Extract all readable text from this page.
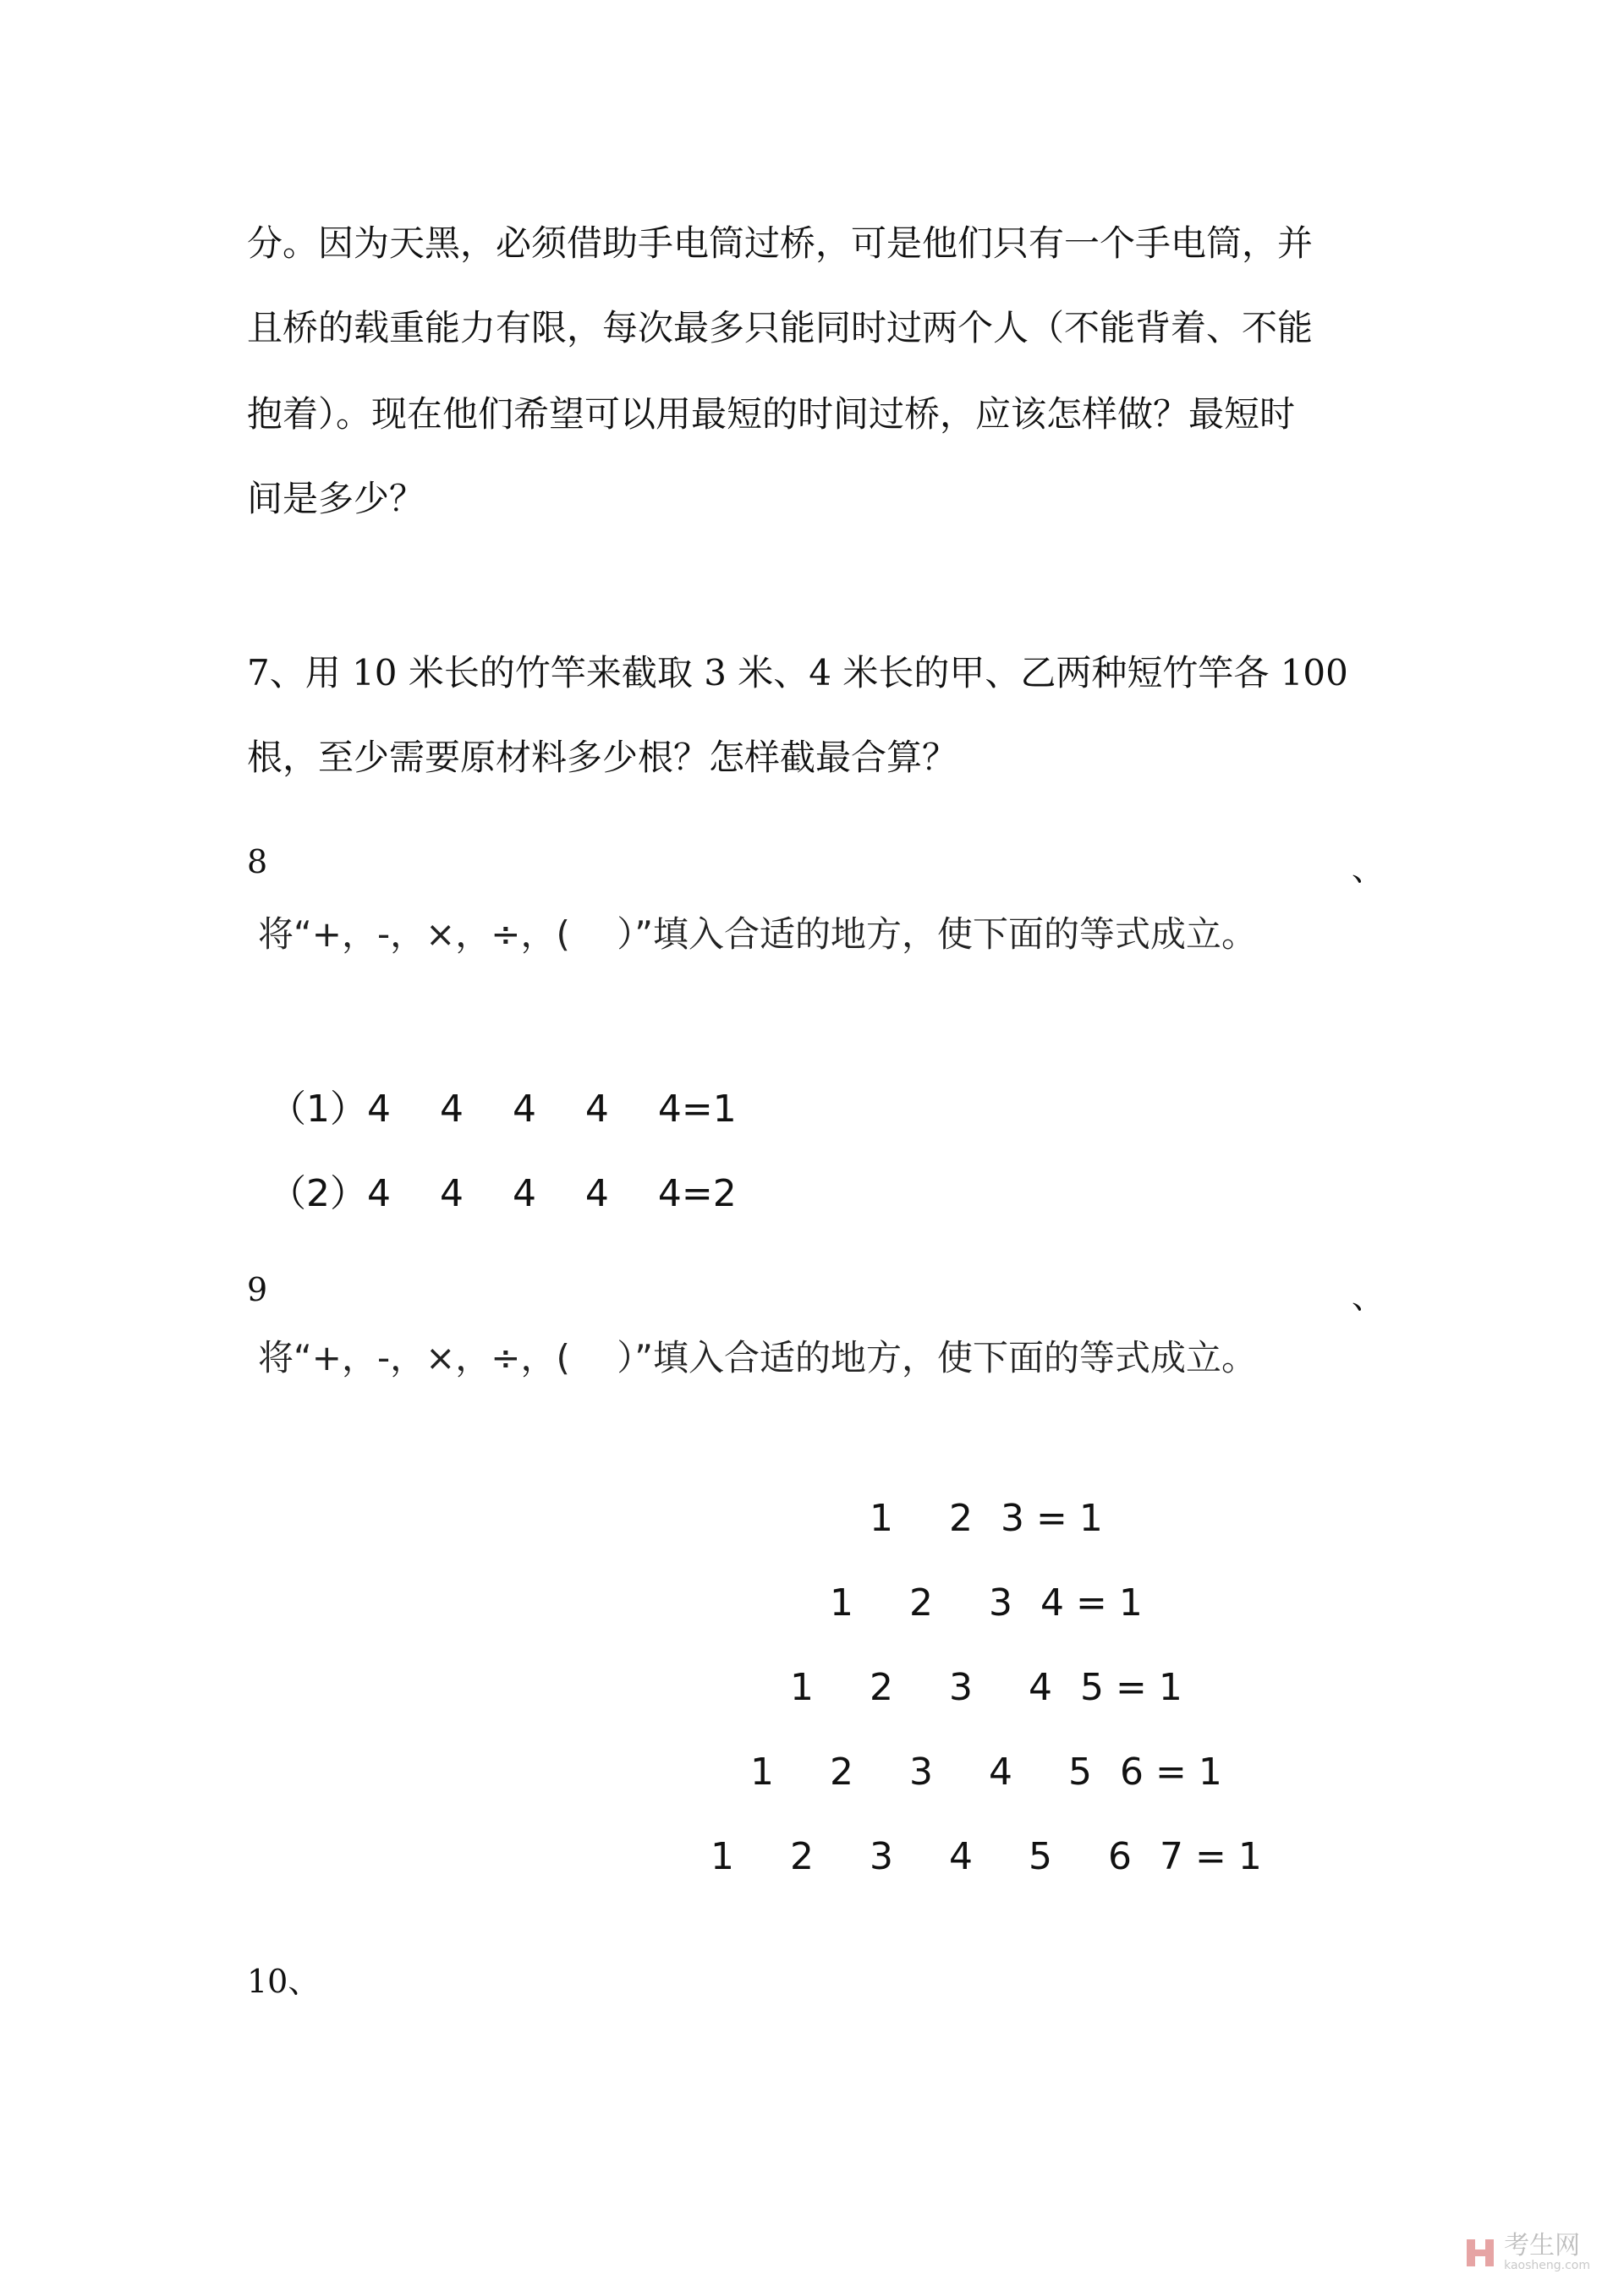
分。因为天黑，必须借助手电筒过桥，可是他们只有一个手电筒，并
且桥的载重能力有限，每次最多只能同时过两个人（不能背着、不能
抱着）。现在他们希望可以用最短的时间过桥，应该怎样做？最短时
间是多少？
7、用 10 米长的竹竿来截取 3 米、4 米长的甲、乙两种短竹竿各 100
根，至少需要原材料多少根？怎样截最合算？
8	、
将“+，-，×，÷，(　 ）”填入合适的地方，使下面的等式成立。
（1）4　 4　 4　 4　 4=1
（2）4　 4　 4　 4　 4=2
9	、
将“+，-，×，÷，(　 ）”填入合适的地方，使下面的等式成立。
1	2 3 = 1
1	2	3 4 = 1
1	2	3	4 5 = 1
1	2	3	4	5 6 = 1
1	2	3	4	5	6 7 = 1
10、
考生网
kaosheng.com
